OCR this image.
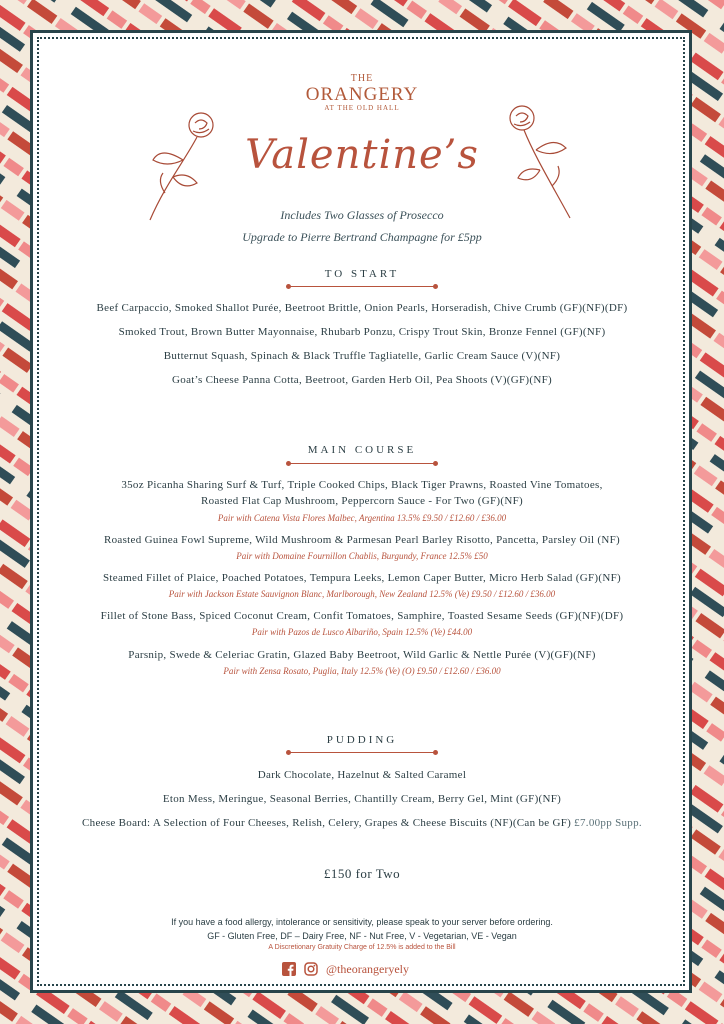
THE
ORANGERY
AT THE OLD HALL
Valentine’s
Includes Two Glasses of Prosecco
Upgrade to Pierre Bertrand Champagne for £5pp
TO START
Beef Carpaccio, Smoked Shallot Purée, Beetroot Brittle, Onion Pearls, Horseradish, Chive Crumb (GF)(NF)(DF)
Smoked Trout, Brown Butter Mayonnaise, Rhubarb Ponzu, Crispy Trout Skin, Bronze Fennel (GF)(NF)
Butternut Squash, Spinach & Black Truffle Tagliatelle, Garlic Cream Sauce (V)(NF)
Goat’s Cheese Panna Cotta, Beetroot, Garden Herb Oil, Pea Shoots (V)(GF)(NF)
MAIN COURSE
35oz Picanha Sharing Surf & Turf, Triple Cooked Chips, Black Tiger Prawns, Roasted Vine Tomatoes,
Roasted Flat Cap Mushroom, Peppercorn Sauce - For Two (GF)(NF)
Pair with Catena Vista Flores Malbec, Argentina 13.5% £9.50 / £12.60 / £36.00
Roasted Guinea Fowl Supreme, Wild Mushroom & Parmesan Pearl Barley Risotto, Pancetta, Parsley Oil (NF)
Pair with Domaine Fournillon Chablis, Burgundy, France 12.5% £50
Steamed Fillet of Plaice, Poached Potatoes, Tempura Leeks, Lemon Caper Butter, Micro Herb Salad (GF)(NF)
Pair with Jackson Estate Sauvignon Blanc, Marlborough, New Zealand 12.5% (Ve) £9.50 / £12.60 / £36.00
Fillet of Stone Bass, Spiced Coconut Cream, Confit Tomatoes, Samphire, Toasted Sesame Seeds (GF)(NF)(DF)
Pair with Pazos de Lusco Albariño, Spain 12.5% (Ve) £44.00
Parsnip, Swede & Celeriac Gratin, Glazed Baby Beetroot, Wild Garlic & Nettle Purée (V)(GF)(NF)
Pair with Zensa Rosato, Puglia, Italy 12.5% (Ve) (O) £9.50 / £12.60 / £36.00
PUDDING
Dark Chocolate, Hazelnut & Salted Caramel
Eton Mess, Meringue, Seasonal Berries, Chantilly Cream, Berry Gel, Mint (GF)(NF)
Cheese Board: A Selection of Four Cheeses, Relish, Celery, Grapes & Cheese Biscuits (NF)(Can be GF) £7.00pp Supp.
£150 for Two
If you have a food allergy, intolerance or sensitivity, please speak to your server before ordering.
GF - Gluten Free, DF – Dairy Free, NF - Nut Free, V - Vegetarian, VE - Vegan
A Discretionary Gratuity Charge of 12.5% is added to the Bill
@theorangeryely
